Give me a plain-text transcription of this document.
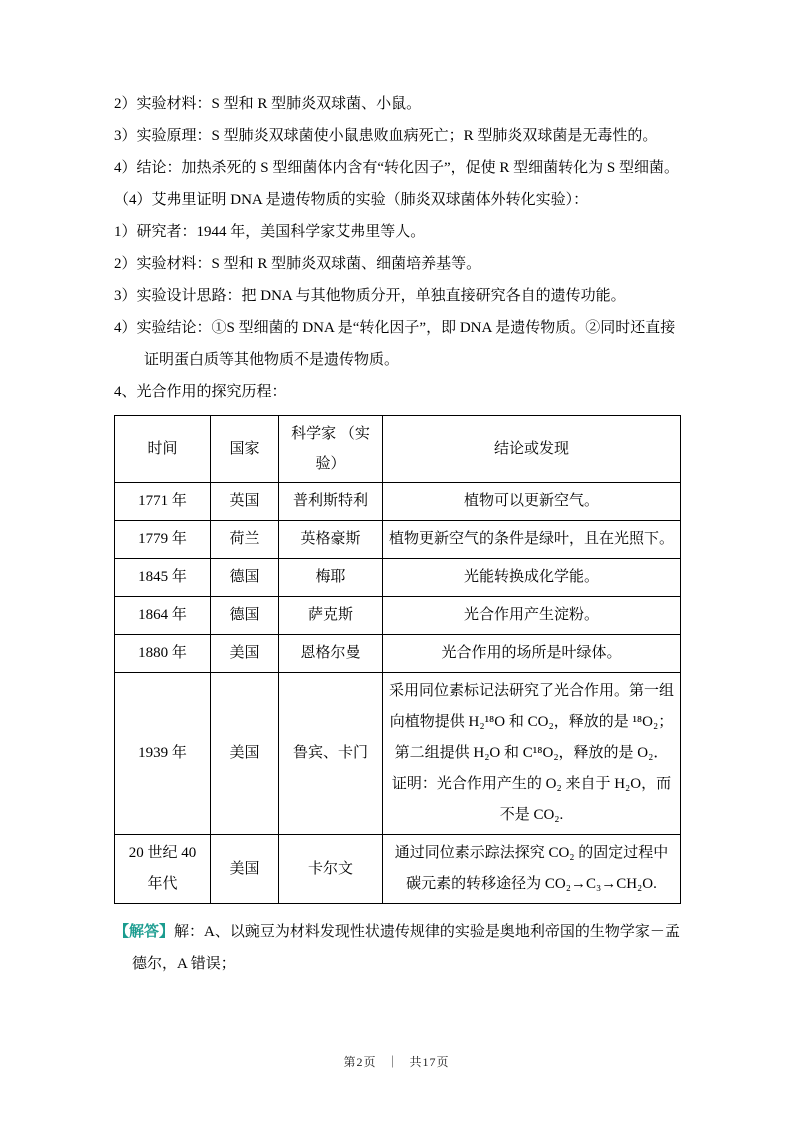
2）实验材料：S 型和 R 型肺炎双球菌、小鼠。

3）实验原理：S 型肺炎双球菌使小鼠患败血病死亡；R 型肺炎双球菌是无毒性的。

4）结论：加热杀死的 S 型细菌体内含有“转化因子”，促使 R 型细菌转化为 S 型细菌。

（4）艾弗里证明 DNA 是遗传物质的实验（肺炎双球菌体外转化实验）：

1）研究者：1944 年，美国科学家艾弗里等人。

2）实验材料：S 型和 R 型肺炎双球菌、细菌培养基等。

3）实验设计思路：把 DNA 与其他物质分开，单独直接研究各自的遗传功能。

4）实验结论：①S 型细菌的 DNA 是“转化因子”，即 DNA 是遗传物质。②同时还直接证明蛋白质等其他物质不是遗传物质。

4、光合作用的探究历程：

时间	国家	科学家 （实验）	结论或发现
1771 年	英国	普利斯特利	植物可以更新空气。
1779 年	荷兰	英格豪斯	植物更新空气的条件是绿叶，且在光照下。
1845 年	德国	梅耶	光能转换成化学能。
1864 年	德国	萨克斯	光合作用产生淀粉。
1880 年	美国	恩格尔曼	光合作用的场所是叶绿体。
1939 年	美国	鲁宾、卡门	采用同位素标记法研究了光合作用。第一组向植物提供 H₂¹⁸O 和 CO₂，释放的是 ¹⁸O₂；第二组提供 H₂O 和 C¹⁸O₂，释放的是 O₂．证明：光合作用产生的 O₂ 来自于 H₂O，而不是 CO₂.
20 世纪 40 年代	美国	卡尔文	通过同位素示踪法探究 CO₂ 的固定过程中碳元素的转移途径为 CO₂→C₃→CH₂O.

【解答】解：A、以豌豆为材料发现性状遗传规律的实验是奥地利帝国的生物学家－孟德尔，A 错误；

第2页 ｜ 共17页
